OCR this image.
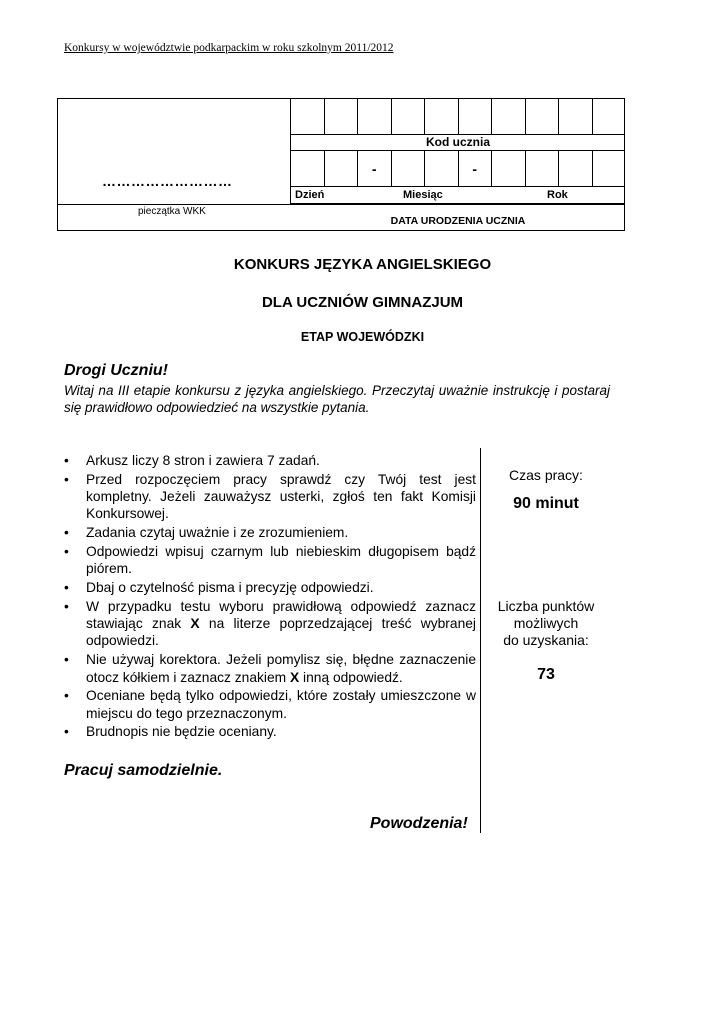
Konkursy w województwie podkarpackim w roku szkolnym 2011/2012
………………………
pieczątka WKK
Kod ucznia
-	-
Dzień	Miesiąc	Rok
DATA URODZENIA UCZNIA
KONKURS JĘZYKA ANGIELSKIEGO
DLA UCZNIÓW GIMNAZJUM
ETAP WOJEWÓDZKI
Drogi Uczniu!
Witaj na III etapie konkursu z języka angielskiego. Przeczytaj uważnie instrukcję i postaraj się prawidłowo odpowiedzieć na wszystkie pytania.
• Arkusz liczy 8 stron i zawiera 7 zadań.
• Przed rozpoczęciem pracy sprawdź czy Twój test jest kompletny. Jeżeli zauważysz usterki, zgłoś ten fakt Komisji Konkursowej.
• Zadania czytaj uważnie i ze zrozumieniem.
• Odpowiedzi wpisuj czarnym lub niebieskim długopisem bądź piórem.
• Dbaj o czytelność pisma i precyzję odpowiedzi.
• W przypadku testu wyboru prawidłową odpowiedź zaznacz stawiając znak X na literze poprzedzającej treść wybranej odpowiedzi.
• Nie używaj korektora. Jeżeli pomylisz się, błędne zaznaczenie otocz kółkiem i zaznacz znakiem X inną odpowiedź.
• Oceniane będą tylko odpowiedzi, które zostały umieszczone w miejscu do tego przeznaczonym.
• Brudnopis nie będzie oceniany.
Pracuj samodzielnie.
Powodzenia!
Czas pracy:
90 minut
Liczba punktów
możliwych
do uzyskania:
73
